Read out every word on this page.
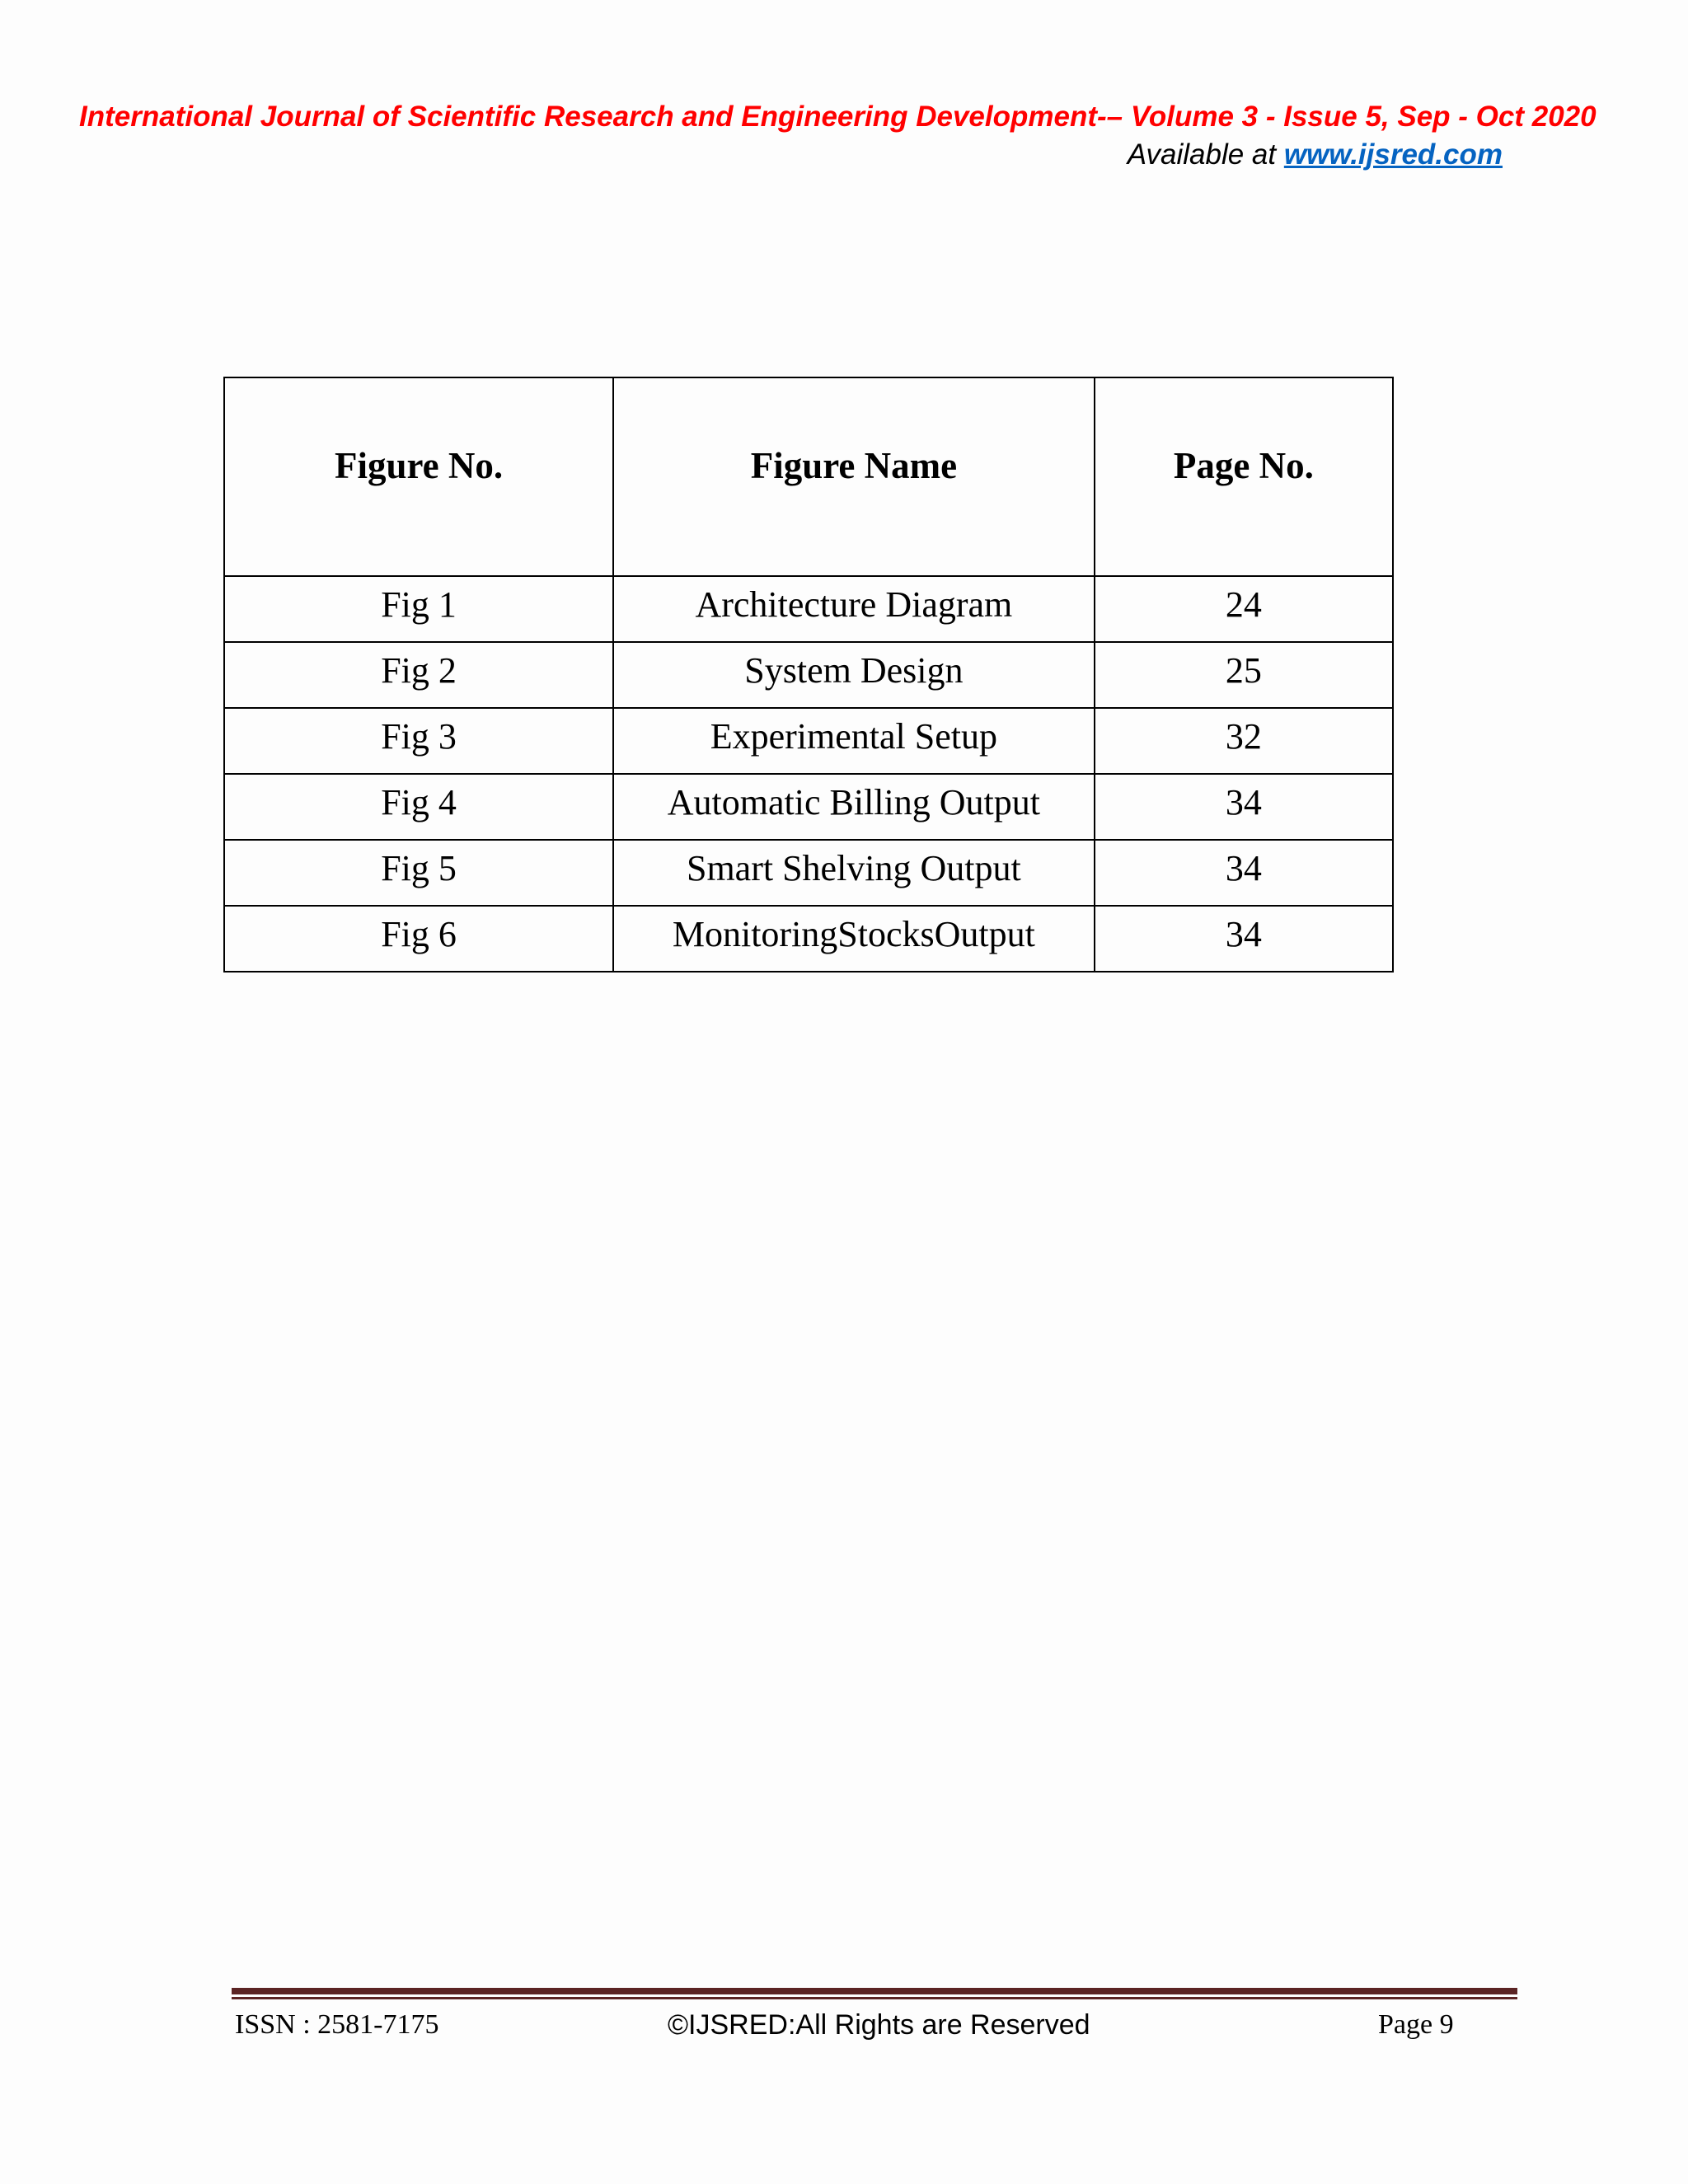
International Journal of Scientific Research and Engineering Development-– Volume 3 - Issue 5, Sep - Oct 2020
Available at www.ijsred.com
Figure No.	Figure Name	Page No.
Fig 1	Architecture Diagram	24
Fig 2	System Design	25
Fig 3	Experimental Setup	32
Fig 4	Automatic Billing Output	34
Fig 5	Smart Shelving Output	34
Fig 6	MonitoringStocksOutput	34
ISSN : 2581-7175	©IJSRED:All Rights are Reserved	Page 9
